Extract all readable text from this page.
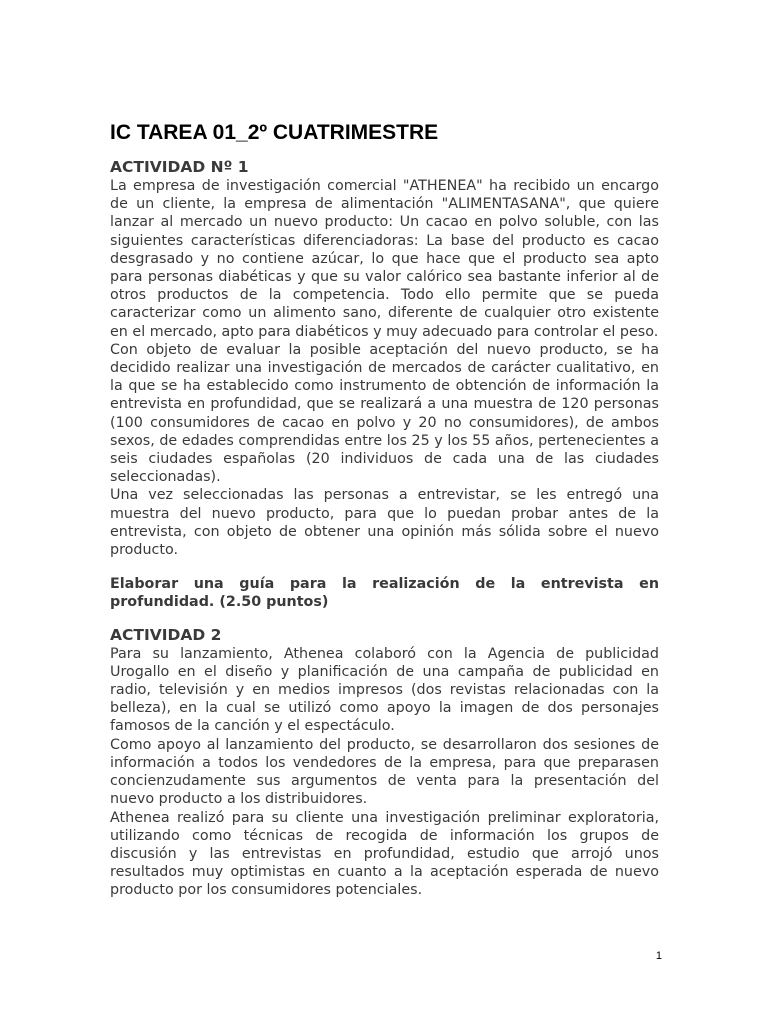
IC TAREA 01_2º CUATRIMESTRE
ACTIVIDAD Nº 1

La empresa de investigación comercial "ATHENEA" ha recibido un encargo de un cliente, la empresa de alimentación "ALIMENTASANA", que quiere lanzar al mercado un nuevo producto: Un cacao en polvo soluble, con las siguientes características diferenciadoras: La base del producto es cacao desgrasado y no contiene azúcar, lo que hace que el producto sea apto para personas diabéticas y que su valor calórico sea bastante inferior al de otros productos de la competencia. Todo ello permite que se pueda caracterizar como un alimento sano, diferente de cualquier otro existente en el mercado, apto para diabéticos y muy adecuado para controlar el peso.

Con objeto de evaluar la posible aceptación del nuevo producto, se ha decidido realizar una investigación de mercados de carácter cualitativo, en la que se ha establecido como instrumento de obtención de información la entrevista en profundidad, que se realizará a una muestra de 120 personas (100 consumidores de cacao en polvo y 20 no consumidores), de ambos sexos, de edades comprendidas entre los 25 y los 55 años, pertenecientes a seis ciudades españolas (20 individuos de cada una de las ciudades seleccionadas).

Una vez seleccionadas las personas a entrevistar, se les entregó una muestra del nuevo producto, para que lo puedan probar antes de la entrevista, con objeto de obtener una opinión más sólida sobre el nuevo producto.

Elaborar una guía para la realización de la entrevista en profundidad. (2.50 puntos)

ACTIVIDAD 2

Para su lanzamiento, Athenea colaboró con la Agencia de publicidad Urogallo en el diseño y planificación de una campaña de publicidad en radio, televisión y en medios impresos (dos revistas relacionadas con la belleza), en la cual se utilizó como apoyo la imagen de dos personajes famosos de la canción y el espectáculo.

Como apoyo al lanzamiento del producto, se desarrollaron dos sesiones de información a todos los vendedores de la empresa, para que preparasen concienzudamente sus argumentos de venta para la presentación del nuevo producto a los distribuidores.

Athenea realizó para su cliente una investigación preliminar exploratoria, utilizando como técnicas de recogida de información los grupos de discusión y las entrevistas en profundidad, estudio que arrojó unos resultados muy optimistas en cuanto a la aceptación esperada de nuevo producto por los consumidores potenciales.

1
